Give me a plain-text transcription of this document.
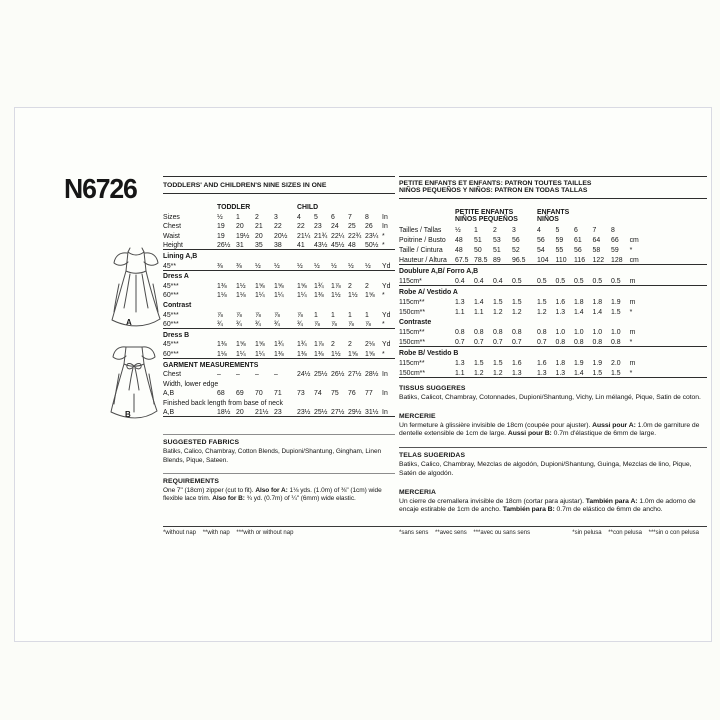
N6726
A
B
TODDLERS' AND CHILDREN'S NINE SIZES IN ONE
	TODDLER					CHILD						
Sizes	½	1	2	3		4	5	6	7	8	In	
Chest	19	20	21	22		22	23	24	25	26	In	
Waist	19	19½	20	20½		21¼	21¾	22¼	22¾	23¼	*	
Height	26½	31	35	38		41	43½	45½	48	50½	*	
Lining A,B												
45**	⅜	⅜	½	½		½	½	½	½	½	Yd	
Dress A												
45***	1⅜	1½	1⅝	1⅝		1⅝	1¾	1⅞	2	2	Yd	
60***	1⅛	1⅛	1¼	1¼		1¼	1⅜	1½	1½	1⅝	*	
Contrast												
45***	⅞	⅞	⅞	⅞		⅞	1	1	1	1	Yd	
60***	¾	¾	¾	¾		¾	⅞	⅞	⅞	⅞	*	
Dress B												
45***	1⅜	1⅝	1⅝	1¾		1¾	1⅞	2	2	2⅛	Yd	
60***	1⅛	1¼	1¼	1⅜		1⅜	1⅜	1½	1⅝	1⅝	*	
GARMENT MEASUREMENTS												
Chest	–	–	–	–		24½	25½	26½	27½	28½	In	
Width, lower edge												
A,B	68	69	70	71		73	74	75	76	77	In	
Finished back length from base of neck												
A,B	18½	20	21½	23		23½	25½	27½	29½	31½	In	
SUGGESTED FABRICS
Batiks, Calico, Chambray, Cotton Blends, Dupioni/Shantung, Gingham, Linen Blends, Pique, Sateen.
REQUIREMENTS
One 7" (18cm) zipper (cut to fit). Also for A: 1⅛ yds. (1.0m) of ⅜" (1cm) wide flexible lace trim. Also for B: ¾ yd. (0.7m) of ¼" (6mm) wide elastic.
PETITE ENFANTS ET ENFANTS: PATRON TOUTES TAILLES
NIÑOS PEQUEÑOS Y NIÑOS: PATRON EN TODAS TALLAS

PETITE ENFANTS
NIÑOS PEQUEÑOS

ENFANTS
NIÑOS

Tailles / Tallas	½	1	2	3		4	5	6	7	8		
Poitrine / Busto	48	51	53	56		56	59	61	64	66	cm	
Taille / Cintura	48	50	51	52		54	55	56	58	59	*	
Hauteur / Altura	67.5	78.5	89	96.5		104	110	116	122	128	cm	
Doublure A,B/ Forro A,B												
115cm*	0.4	0.4	0.4	0.5		0.5	0.5	0.5	0.5	0.5	m	
Robe A/ Vestido A												
115cm**	1.3	1.4	1.5	1.5		1.5	1.6	1.8	1.8	1.9	m	
150cm**	1.1	1.1	1.2	1.2		1.2	1.3	1.4	1.4	1.5	*	
Contraste												
115cm**	0.8	0.8	0.8	0.8		0.8	1.0	1.0	1.0	1.0	m	
150cm**	0.7	0.7	0.7	0.7		0.7	0.8	0.8	0.8	0.8	*	
Robe B/ Vestido B												
115cm**	1.3	1.5	1.5	1.6		1.6	1.8	1.9	1.9	2.0	m	
150cm**	1.1	1.2	1.2	1.3		1.3	1.3	1.4	1.5	1.5	*	
TISSUS SUGGERES
Batiks, Calicot, Chambray, Cotonnades, Dupioni/Shantung, Vichy, Lin mélangé, Pique, Satin de coton.
MERCERIE
Un fermeture à glissière invisible de 18cm (coupée pour ajuster). Aussi pour A: 1.0m de garniture de dentelle extensible de 1cm de large. Aussi pour B: 0.7m d'élastique de 6mm de large.
TELAS SUGERIDAS
Batiks, Calico, Chambray, Mezclas de algodón, Dupioni/Shantung, Guinga, Mezclas de lino, Pique, Satén de algodón.
MERCERIA
Un cierre de cremallera invisible de 18cm (cortar para ajustar). También para A: 1.0m de adorno de encaje estirable de 1cm de ancho. También para B: 0.7m de elástico de 6mm de ancho.
*without nap    **with nap    ***with or without nap	*sans sens    **avec sens    ***avec ou sans sens	*sin pelusa    **con pelusa    ***sin o con pelusa
